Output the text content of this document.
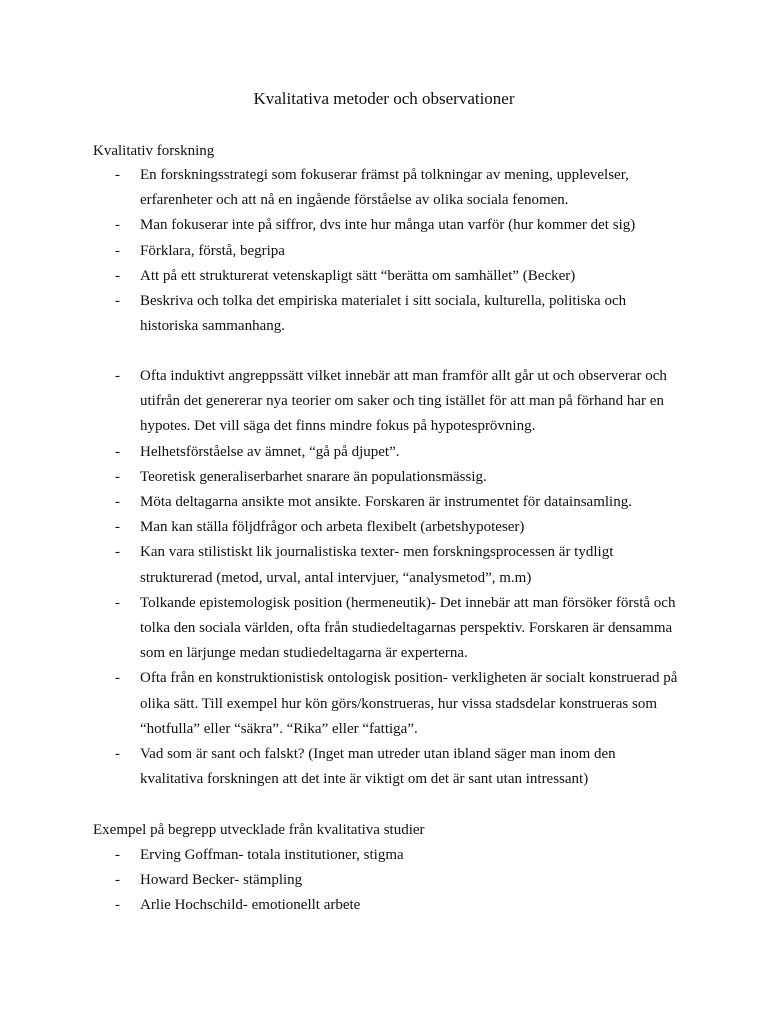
Kvalitativa metoder och observationer
Kvalitativ forskning
- En forskningsstrategi som fokuserar främst på tolkningar av mening, upplevelser, erfarenheter och att nå en ingående förståelse av olika sociala fenomen.
- Man fokuserar inte på siffror, dvs inte hur många utan varför (hur kommer det sig)
- Förklara, förstå, begripa
- Att på ett strukturerat vetenskapligt sätt “berätta om samhället” (Becker)
- Beskriva och tolka det empiriska materialet i sitt sociala, kulturella, politiska och historiska sammanhang.
- Ofta induktivt angreppssätt vilket innebär att man framför allt går ut och observerar och utifrån det genererar nya teorier om saker och ting istället för att man på förhand har en hypotes. Det vill säga det finns mindre fokus på hypotesprövning.
- Helhetsförståelse av ämnet, “gå på djupet”.
- Teoretisk generaliserbarhet snarare än populationsmässig.
- Möta deltagarna ansikte mot ansikte. Forskaren är instrumentet för datainsamling.
- Man kan ställa följdfrågor och arbeta flexibelt (arbetshypoteser)
- Kan vara stilistiskt lik journalistiska texter- men forskningsprocessen är tydligt strukturerad (metod, urval, antal intervjuer, “analysmetod”, m.m)
- Tolkande epistemologisk position (hermeneutik)- Det innebär att man försöker förstå och tolka den sociala världen, ofta från studiedeltagarnas perspektiv. Forskaren är densamma som en lärjunge medan studiedeltagarna är experterna.
- Ofta från en konstruktionistisk ontologisk position- verkligheten är socialt konstruerad på olika sätt. Till exempel hur kön görs/konstrueras, hur vissa stadsdelar konstrueras som “hotfulla” eller “säkra”. “Rika” eller “fattiga”.
- Vad som är sant och falskt? (Inget man utreder utan ibland säger man inom den kvalitativa forskningen att det inte är viktigt om det är sant utan intressant)
Exempel på begrepp utvecklade från kvalitativa studier
- Erving Goffman- totala institutioner, stigma
- Howard Becker- stämpling
- Arlie Hochschild- emotionellt arbete
